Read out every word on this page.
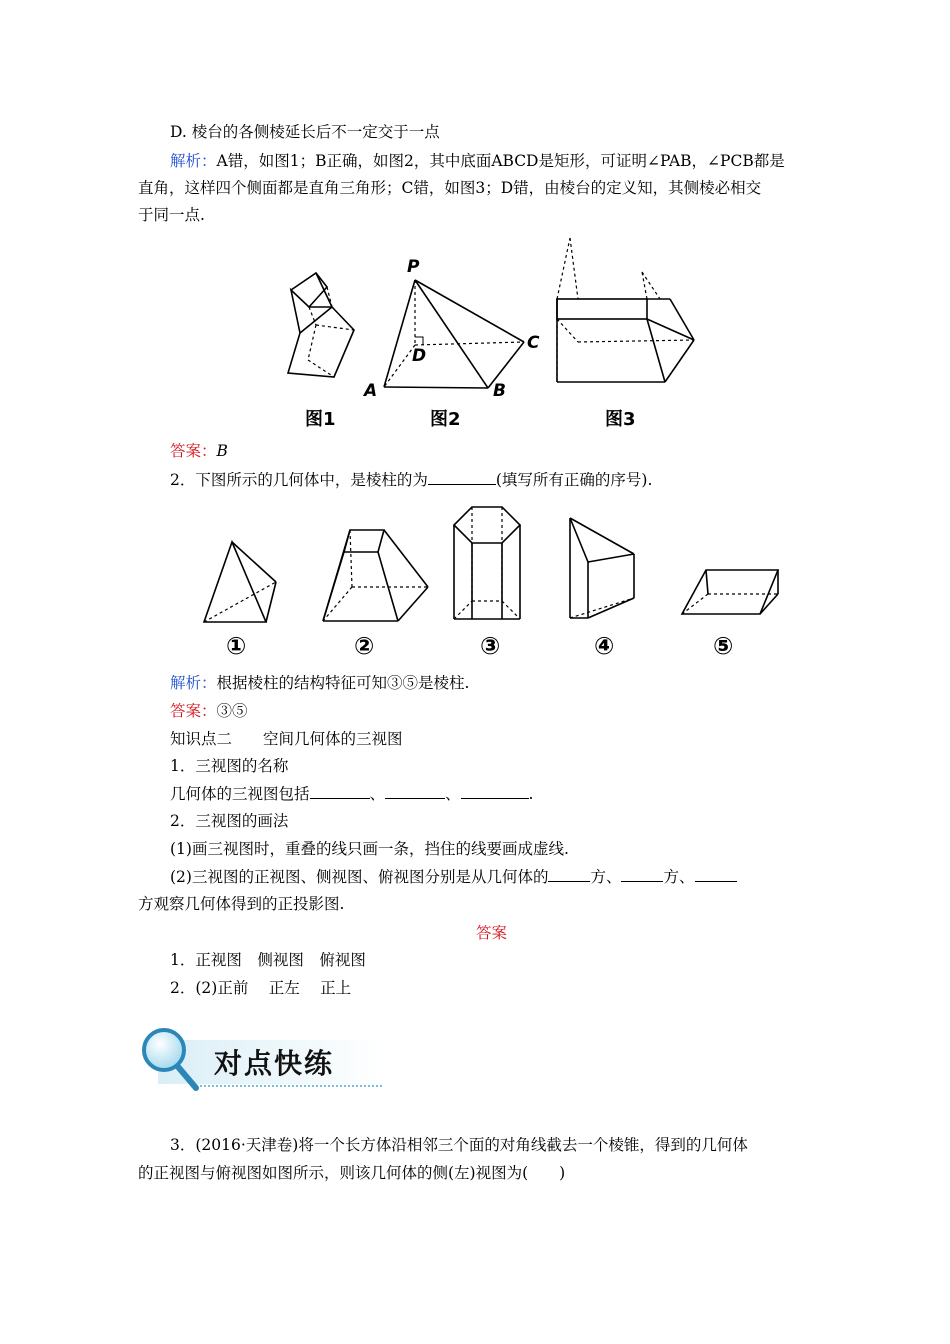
D. 棱台的各侧棱延长后不一定交于一点
解析：A错，如图1；B正确，如图2，其中底面ABCD是矩形，可证明∠PAB，∠PCB都是
直角，这样四个侧面都是直角三角形；C错，如图3；D错，由棱台的定义知，其侧棱必相交
于同一点.
P
D
A	B
C
图1	图2	图3
答案：B
2．下图所示的几何体中，是棱柱的为	(填写所有正确的序号).
①	②	③	④	⑤
解析：根据棱柱的结构特征可知③⑤是棱柱.
答案：③⑤
知识点二　　空间几何体的三视图
1．三视图的名称
几何体的三视图包括	、	、	.
2．三视图的画法
(1)画三视图时，重叠的线只画一条，挡住的线要画成虚线.
(2)三视图的正视图、侧视图、俯视图分别是从几何体的	方、	方、
方观察几何体得到的正投影图.
答案
1．正视图　侧视图　俯视图
2．(2)正前　 正左　 正上
对点快练
3．(2016·天津卷)将一个长方体沿相邻三个面的对角线截去一个棱锥，得到的几何体
的正视图与俯视图如图所示，则该几何体的侧(左)视图为(　　)
